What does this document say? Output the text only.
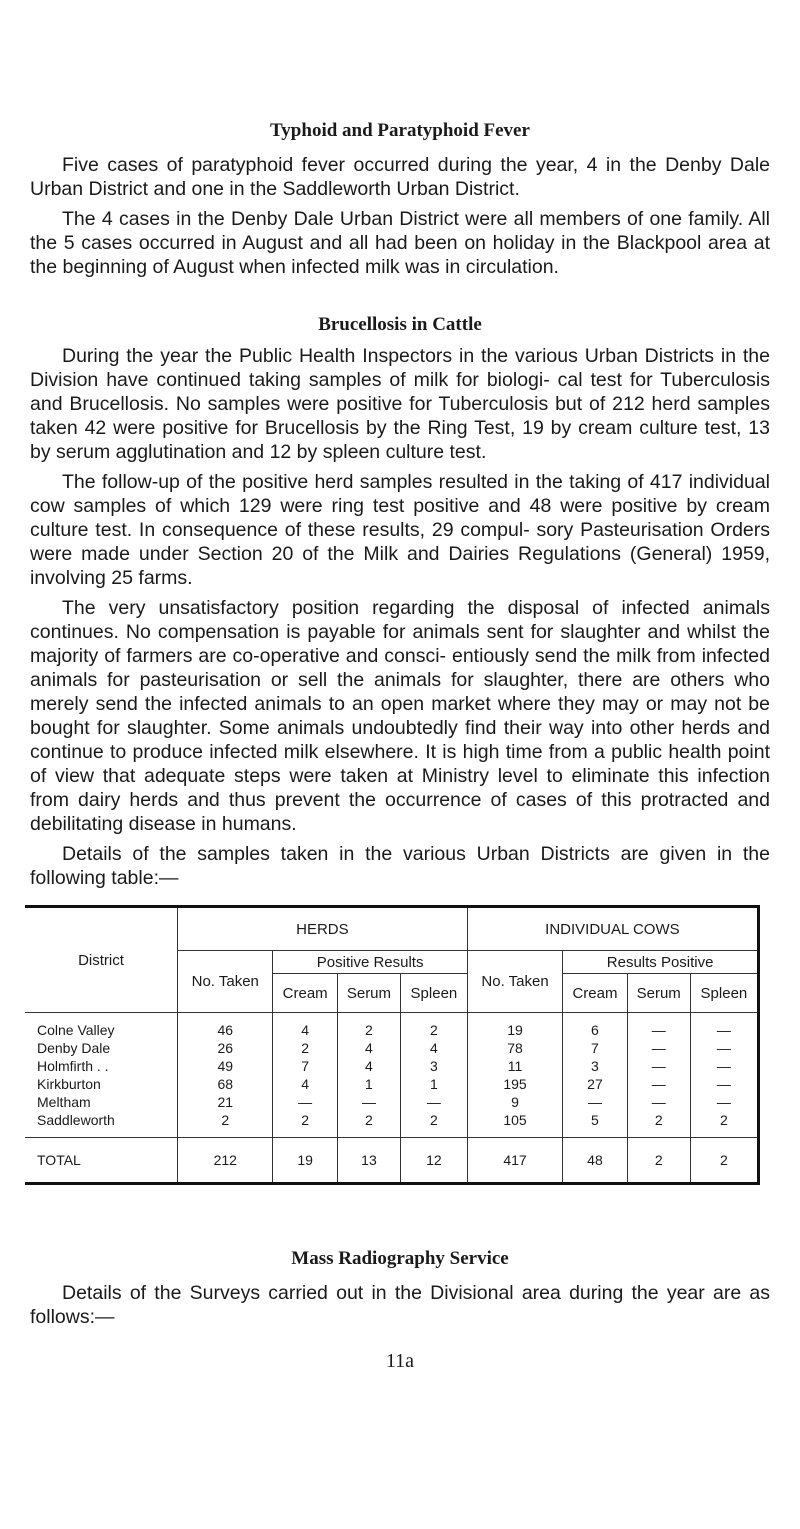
Typhoid and Paratyphoid Fever

Five cases of paratyphoid fever occurred during the year, 4 in the Denby Dale Urban District and one in the Saddleworth Urban District.

The 4 cases in the Denby Dale Urban District were all members of one family. All the 5 cases occurred in August and all had been on holiday in the Blackpool area at the beginning of August when infected milk was in circulation.

Brucellosis in Cattle

During the year the Public Health Inspectors in the various Urban Districts in the Division have continued taking samples of milk for biologi- cal test for Tuberculosis and Brucellosis. No samples were positive for Tuberculosis but of 212 herd samples taken 42 were positive for Brucellosis by the Ring Test, 19 by cream culture test, 13 by serum agglutination and 12 by spleen culture test.

The follow-up of the positive herd samples resulted in the taking of 417 individual cow samples of which 129 were ring test positive and 48 were positive by cream culture test. In consequence of these results, 29 compul- sory Pasteurisation Orders were made under Section 20 of the Milk and Dairies Regulations (General) 1959, involving 25 farms.

The very unsatisfactory position regarding the disposal of infected animals continues. No compensation is payable for animals sent for slaughter and whilst the majority of farmers are co-operative and consci- entiously send the milk from infected animals for pasteurisation or sell the animals for slaughter, there are others who merely send the infected animals to an open market where they may or may not be bought for slaughter. Some animals undoubtedly find their way into other herds and continue to produce infected milk elsewhere. It is high time from a public health point of view that adequate steps were taken at Ministry level to eliminate this infection from dairy herds and thus prevent the occurrence of cases of this protracted and debilitating disease in humans.

Details of the samples taken in the various Urban Districts are given in the following table:—

District	HERDS				INDIVIDUAL COWS			
	No. Taken	Positive Results			No. Taken	Results Positive		
		Cream	Serum	Spleen		Cream	Serum	Spleen
Colne Valley	46	4	2	2	19	6	—	—
Denby Dale	26	2	4	4	78	7	—	—
Holmfirth . .	49	7	4	3	11	3	—	—
Kirkburton	68	4	1	1	195	27	—	—
Meltham	21	—	—	—	9	—	—	—
Saddleworth	2	2	2	2	105	5	2	2
TOTAL	212	19	13	12	417	48	2	2
Mass Radiography Service

Details of the Surveys carried out in the Divisional area during the year are as follows:—

11a
